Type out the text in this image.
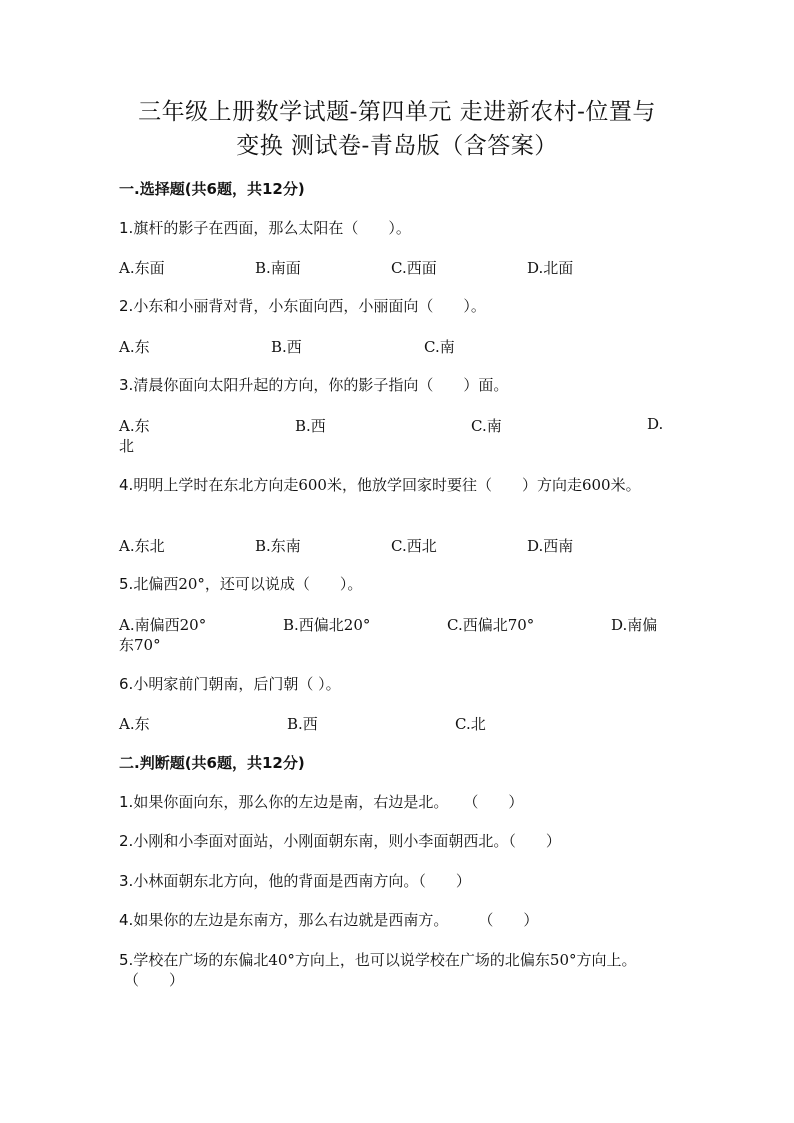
三年级上册数学试题-第四单元 走进新农村-位置与
变换 测试卷-青岛版（含答案）
一.选择题(共6题，共12分)
1.旗杆的影子在西面，那么太阳在（　　）。
A.东面	B.南面	C.西面	D.北面
2.小东和小丽背对背，小东面向西，小丽面向（　　）。
A.东	B.西	C.南
3.清晨你面向太阳升起的方向，你的影子指向（　　）面。
A.东	B.西	C.南	D.
北
4.明明上学时在东北方向走600米，他放学回家时要往（　　）方向走600米。
A.东北	B.东南	C.西北	D.西南
5.北偏西20°，还可以说成（　　）。
A.南偏西20°	B.西偏北20°	C.西偏北70°	D.南偏
东70°
6.小明家前门朝南，后门朝（ ）。
A.东	B.西	C.北
二.判断题(共6题，共12分)
1.如果你面向东，那么你的左边是南，右边是北。　　（　　）
2.小刚和小李面对面站，小刚面朝东南，则小李面朝西北。（　　）
3.小林面朝东北方向，他的背面是西南方向。（　　）
4.如果你的左边是东南方，那么右边就是西南方。　　　（　　）
5.学校在广场的东偏北40°方向上，也可以说学校在广场的北偏东50°方向上。
（　　）
